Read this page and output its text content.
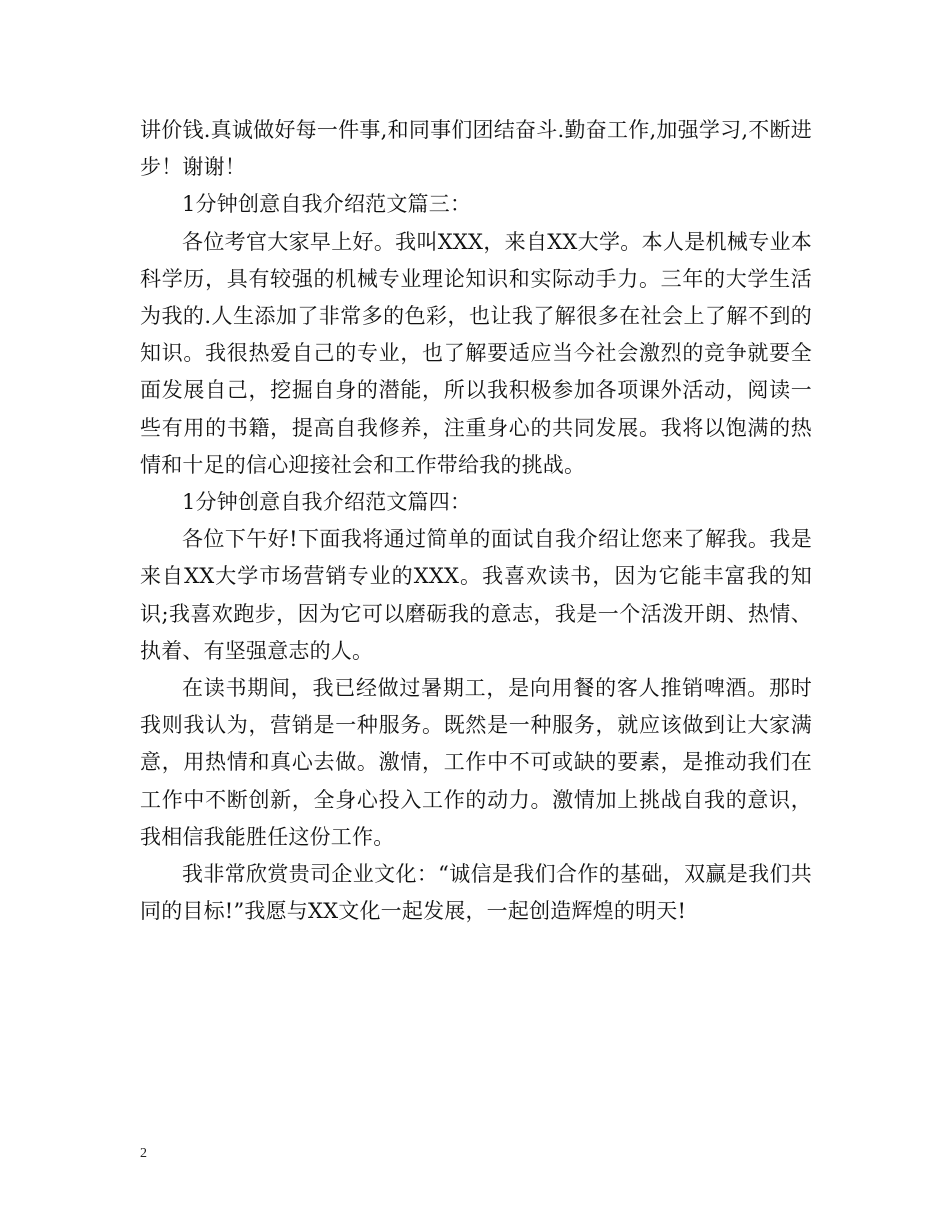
讲价钱.真诚做好每一件事,和同事们团结奋斗.勤奋工作,加强学习,不断进步！谢谢！

1分钟创意自我介绍范文篇三：

各位考官大家早上好。我叫XXX，来自XX大学。本人是机械专业本科学历，具有较强的机械专业理论知识和实际动手力。三年的大学生活为我的.人生添加了非常多的色彩，也让我了解很多在社会上了解不到的知识。我很热爱自己的专业，也了解要适应当今社会激烈的竞争就要全面发展自己，挖掘自身的潜能，所以我积极参加各项课外活动，阅读一些有用的书籍，提高自我修养，注重身心的共同发展。我将以饱满的热情和十足的信心迎接社会和工作带给我的挑战。

1分钟创意自我介绍范文篇四：

各位下午好!下面我将通过简单的面试自我介绍让您来了解我。我是来自XX大学市场营销专业的XXX。我喜欢读书，因为它能丰富我的知识;我喜欢跑步，因为它可以磨砺我的意志，我是一个活泼开朗、热情、执着、有坚强意志的人。

在读书期间，我已经做过暑期工，是向用餐的客人推销啤酒。那时我则我认为，营销是一种服务。既然是一种服务，就应该做到让大家满意，用热情和真心去做。激情，工作中不可或缺的要素，是推动我们在工作中不断创新，全身心投入工作的动力。激情加上挑战自我的意识，我相信我能胜任这份工作。

我非常欣赏贵司企业文化：“诚信是我们合作的基础，双赢是我们共同的目标!”我愿与XX文化一起发展，一起创造辉煌的明天!

2
